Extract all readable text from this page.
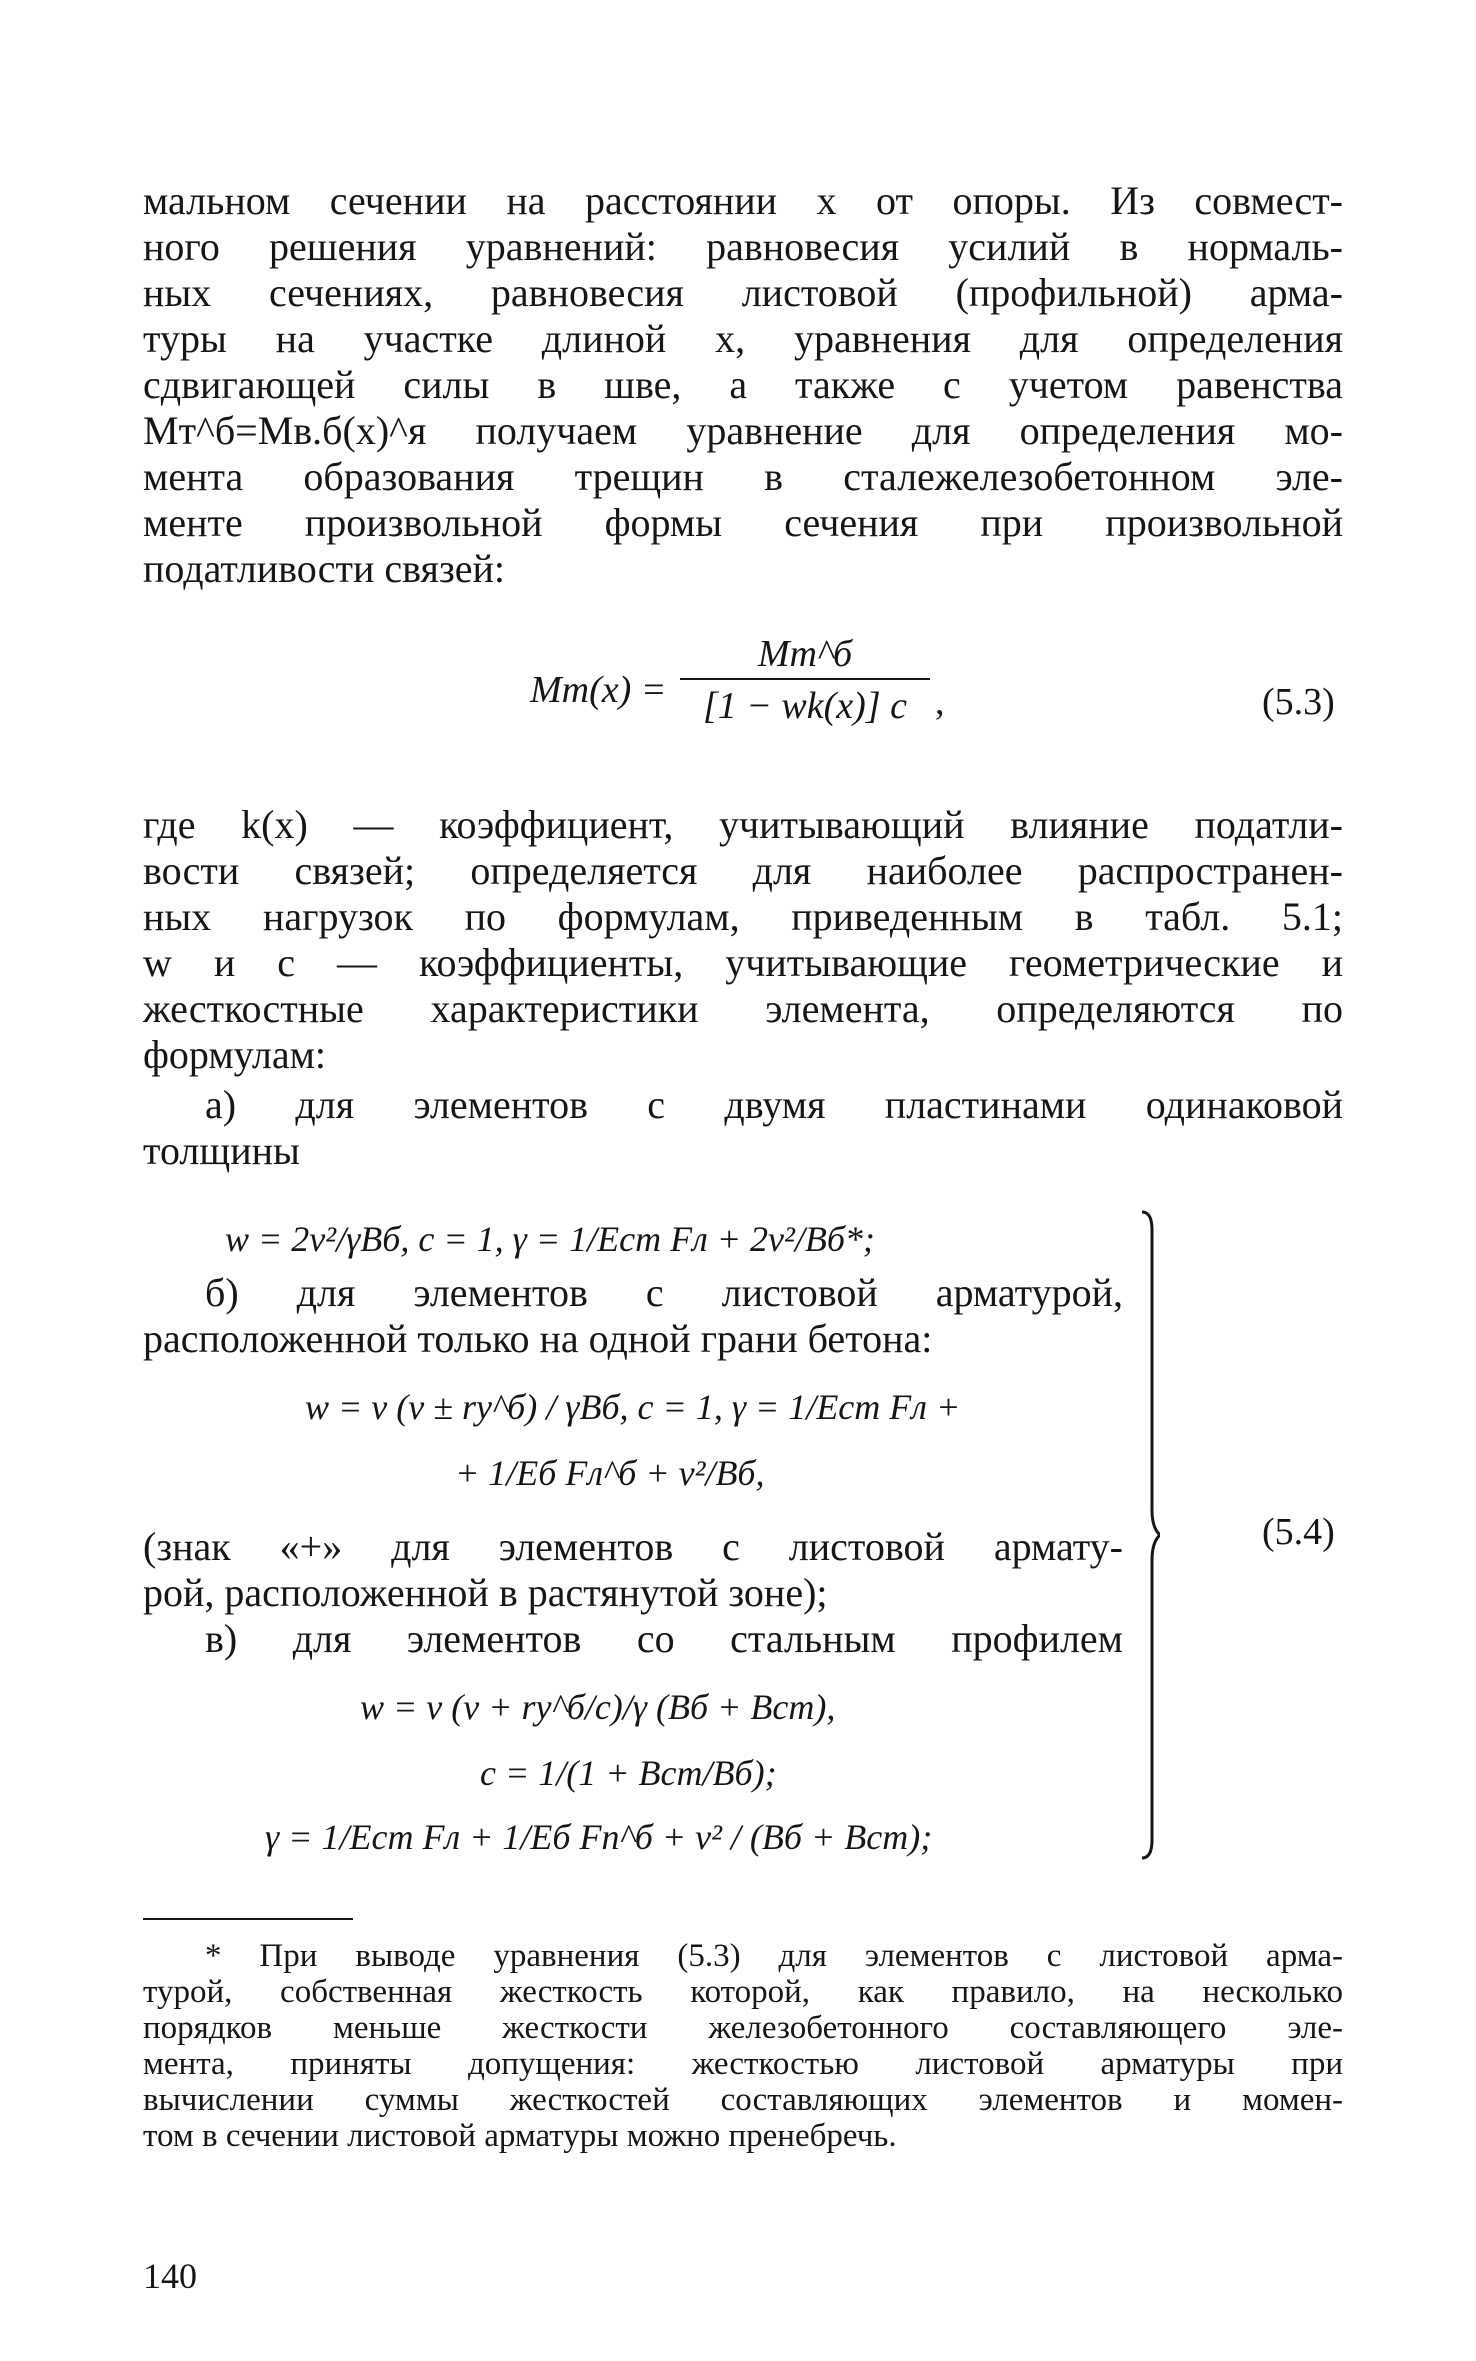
мальном сечении на расстоянии x от опоры. Из совмест-
ного решения уравнений: равновесия усилий в нормаль-
ных сечениях, равновесия листовой (профильной) арма-
туры на участке длиной x, уравнения для определения
сдвигающей силы в шве, а также с учетом равенства
Mт^б=Mв.б(x)^я получаем уравнение для определения мо-
мента образования трещин в сталежелезобетонном эле-
менте произвольной формы сечения при произвольной
податливости связей:
Mт(x) =
Mт^б
[1 − wk(x)] c ,	(5.3)
где k(x) — коэффициент, учитывающий влияние податли-
вости связей; определяется для наиболее распространен-
ных нагрузок по формулам, приведенным в табл. 5.1;
w и c — коэффициенты, учитывающие геометрические и
жесткостные характеристики элемента, определяются по
формулам:
а) для элементов с двумя пластинами одинаковой
толщины
w = 2v²/γBб, c = 1, γ = 1/Eст Fл + 2v²/Bб*;
б) для элементов с листовой арматурой,
расположенной только на одной грани бетона:
w = v (v ± rу^б) / γBб, c = 1, γ = 1/Eст Fл +
+ 1/Eб Fл^б + v²/Bб,
(знак «+» для элементов с листовой армату-
рой, расположенной в растянутой зоне);
в) для элементов со стальным профилем
w = v (v + rу^б/c)/γ (Bб + Bст),
c = 1/(1 + Bст/Bб);
γ = 1/Eст Fл + 1/Eб Fп^б + v² / (Bб + Bст);
(5.4)
* При выводе уравнения (5.3) для элементов с листовой арма-
турой, собственная жесткость которой, как правило, на несколько
порядков меньше жесткости железобетонного составляющего эле-
мента, приняты допущения: жесткостью листовой арматуры при
вычислении суммы жесткостей составляющих элементов и момен-
том в сечении листовой арматуры можно пренебречь.
140
